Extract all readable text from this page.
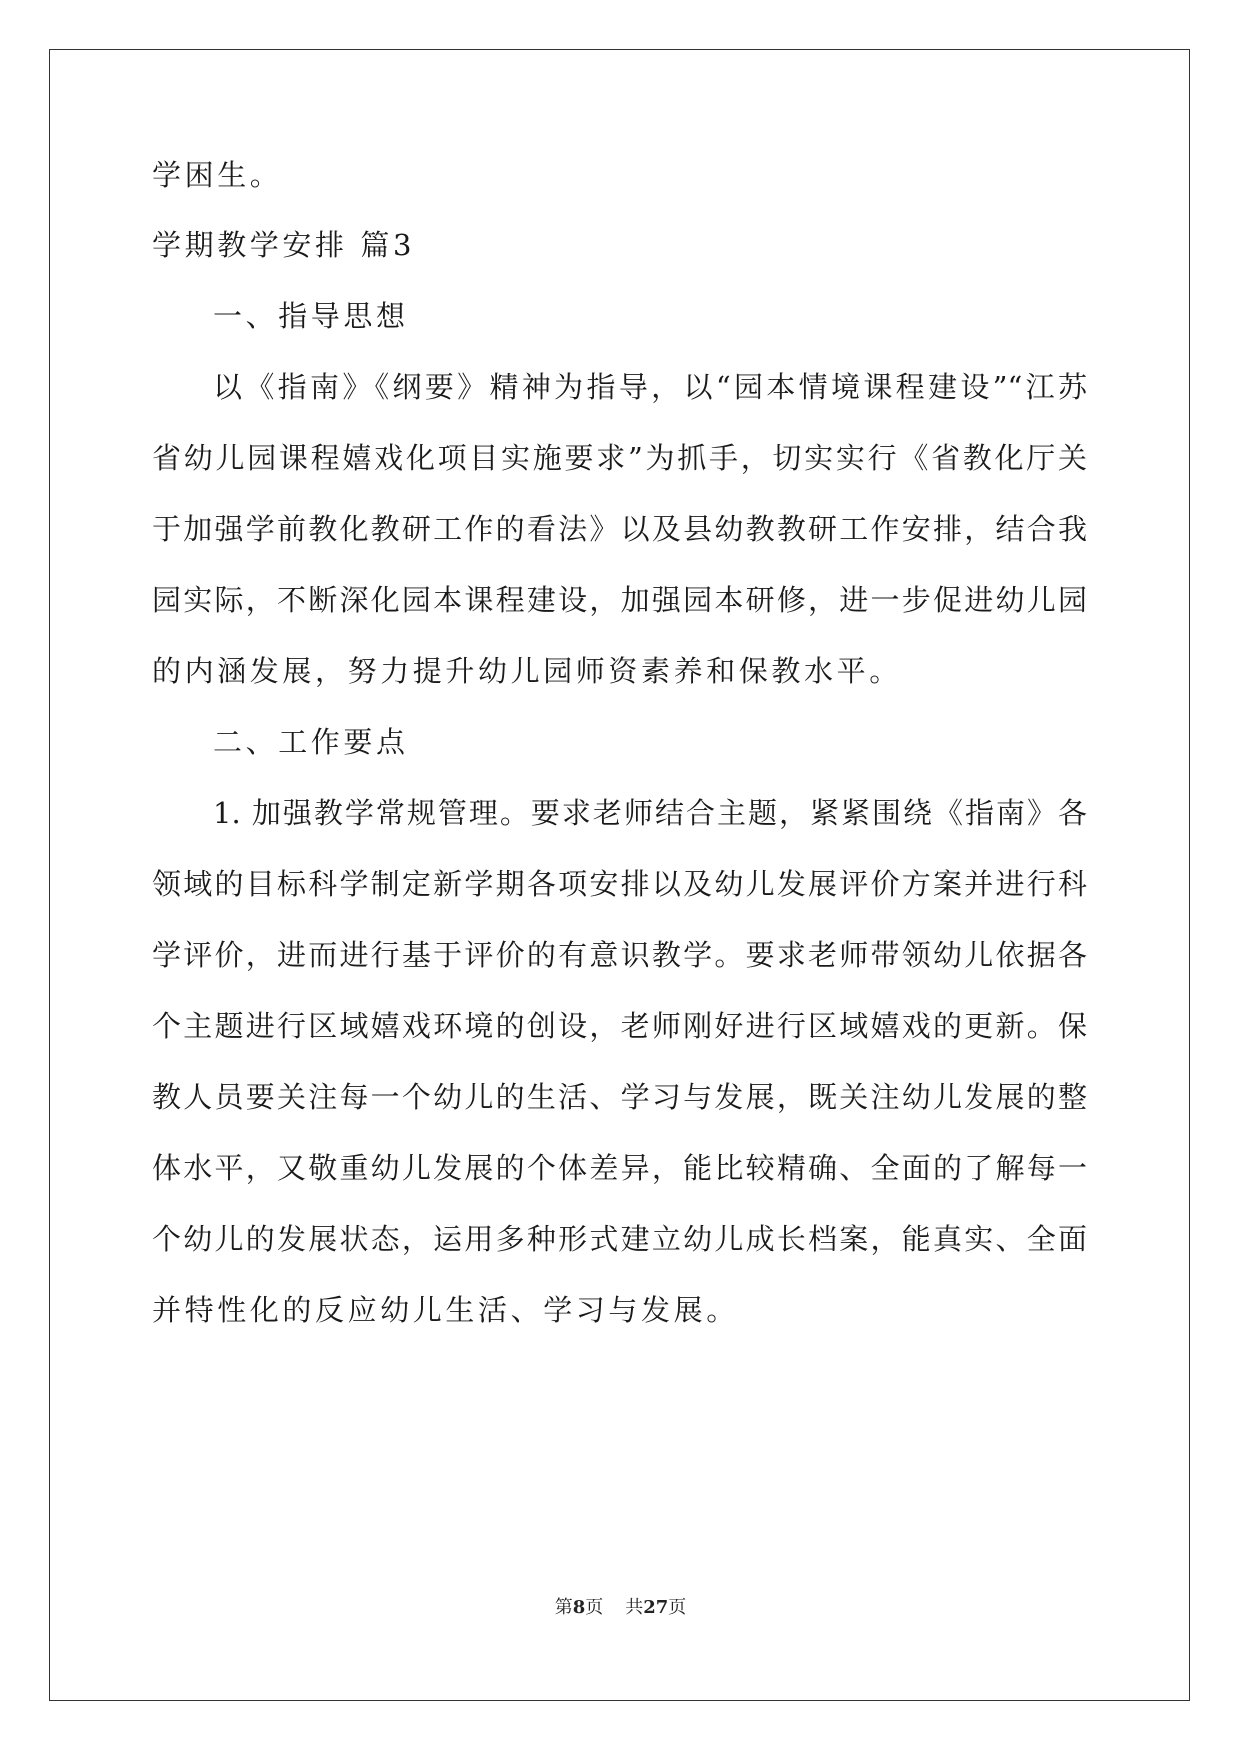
学困生。
学期教学安排 篇3
一、指导思想
以《指南》《纲要》精神为指导，以“园本情境课程建设”“江苏
省幼儿园课程嬉戏化项目实施要求”为抓手，切实实行《省教化厅关
于加强学前教化教研工作的看法》以及县幼教教研工作安排，结合我
园实际，不断深化园本课程建设，加强园本研修，进一步促进幼儿园
的内涵发展，努力提升幼儿园师资素养和保教水平。
二、工作要点
1. 加强教学常规管理。要求老师结合主题，紧紧围绕《指南》各
领域的目标科学制定新学期各项安排以及幼儿发展评价方案并进行科
学评价，进而进行基于评价的有意识教学。要求老师带领幼儿依据各
个主题进行区域嬉戏环境的创设，老师刚好进行区域嬉戏的更新。保
教人员要关注每一个幼儿的生活、学习与发展，既关注幼儿发展的整
体水平，又敬重幼儿发展的个体差异，能比较精确、全面的了解每一
个幼儿的发展状态，运用多种形式建立幼儿成长档案，能真实、全面
并特性化的反应幼儿生活、学习与发展。
第8页 共27页
